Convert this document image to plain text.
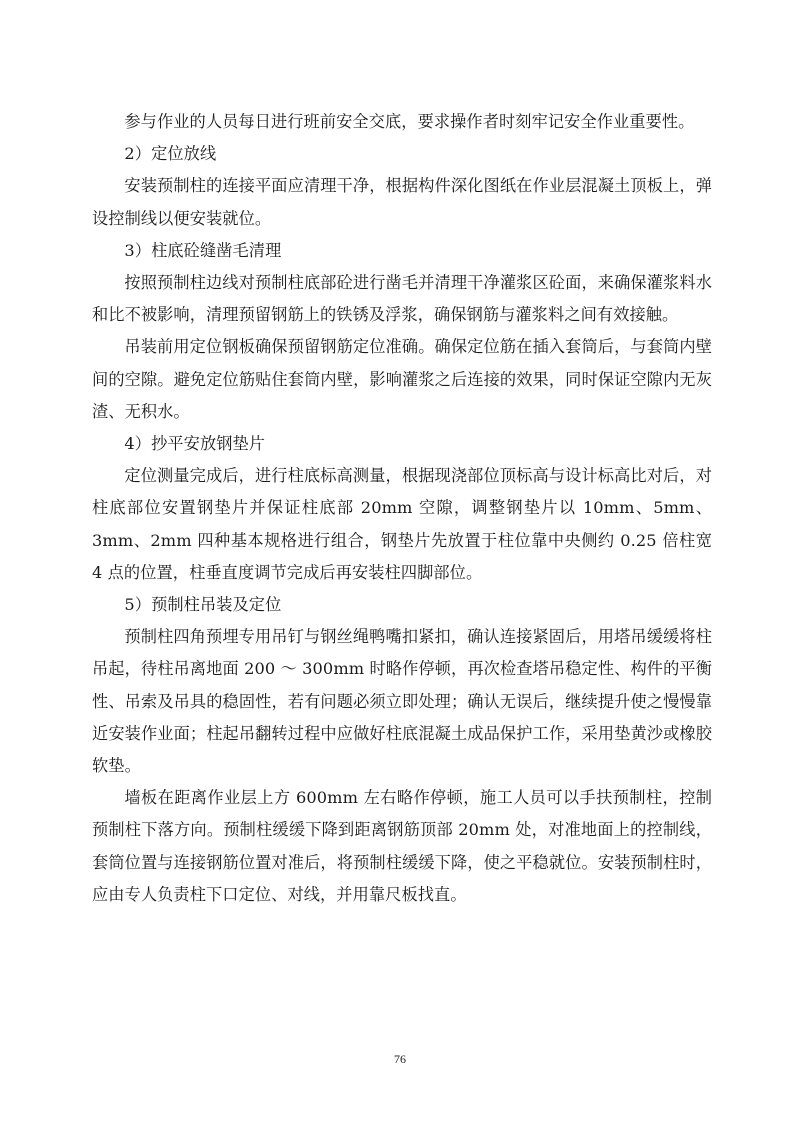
参与作业的人员每日进行班前安全交底，要求操作者时刻牢记安全作业重要性。

2）定位放线

安装预制柱的连接平面应清理干净，根据构件深化图纸在作业层混凝土顶板上，弹设控制线以便安装就位。

3）柱底砼缝凿毛清理

按照预制柱边线对预制柱底部砼进行凿毛并清理干净灌浆区砼面，来确保灌浆料水和比不被影响，清理预留钢筋上的铁锈及浮浆，确保钢筋与灌浆料之间有效接触。

吊装前用定位钢板确保预留钢筋定位准确。确保定位筋在插入套筒后，与套筒内壁间的空隙。避免定位筋贴住套筒内壁，影响灌浆之后连接的效果，同时保证空隙内无灰渣、无积水。

4）抄平安放钢垫片

定位测量完成后，进行柱底标高测量，根据现浇部位顶标高与设计标高比对后，对柱底部位安置钢垫片并保证柱底部 20mm 空隙，调整钢垫片以 10mm、5mm、3mm、2mm 四种基本规格进行组合，钢垫片先放置于柱位靠中央侧约 0.25 倍柱宽 4 点的位置，柱垂直度调节完成后再安装柱四脚部位。

5）预制柱吊装及定位

预制柱四角预埋专用吊钉与钢丝绳鸭嘴扣紧扣，确认连接紧固后，用塔吊缓缓将柱吊起，待柱吊离地面 200 ～ 300mm 时略作停顿，再次检查塔吊稳定性、构件的平衡性、吊索及吊具的稳固性，若有问题必须立即处理；确认无误后，继续提升使之慢慢靠近安装作业面；柱起吊翻转过程中应做好柱底混凝土成品保护工作，采用垫黄沙或橡胶软垫。

墙板在距离作业层上方 600mm 左右略作停顿，施工人员可以手扶预制柱，控制预制柱下落方向。预制柱缓缓下降到距离钢筋顶部 20mm 处，对准地面上的控制线，套筒位置与连接钢筋位置对准后，将预制柱缓缓下降，使之平稳就位。安装预制柱时，应由专人负责柱下口定位、对线，并用靠尺板找直。

76
